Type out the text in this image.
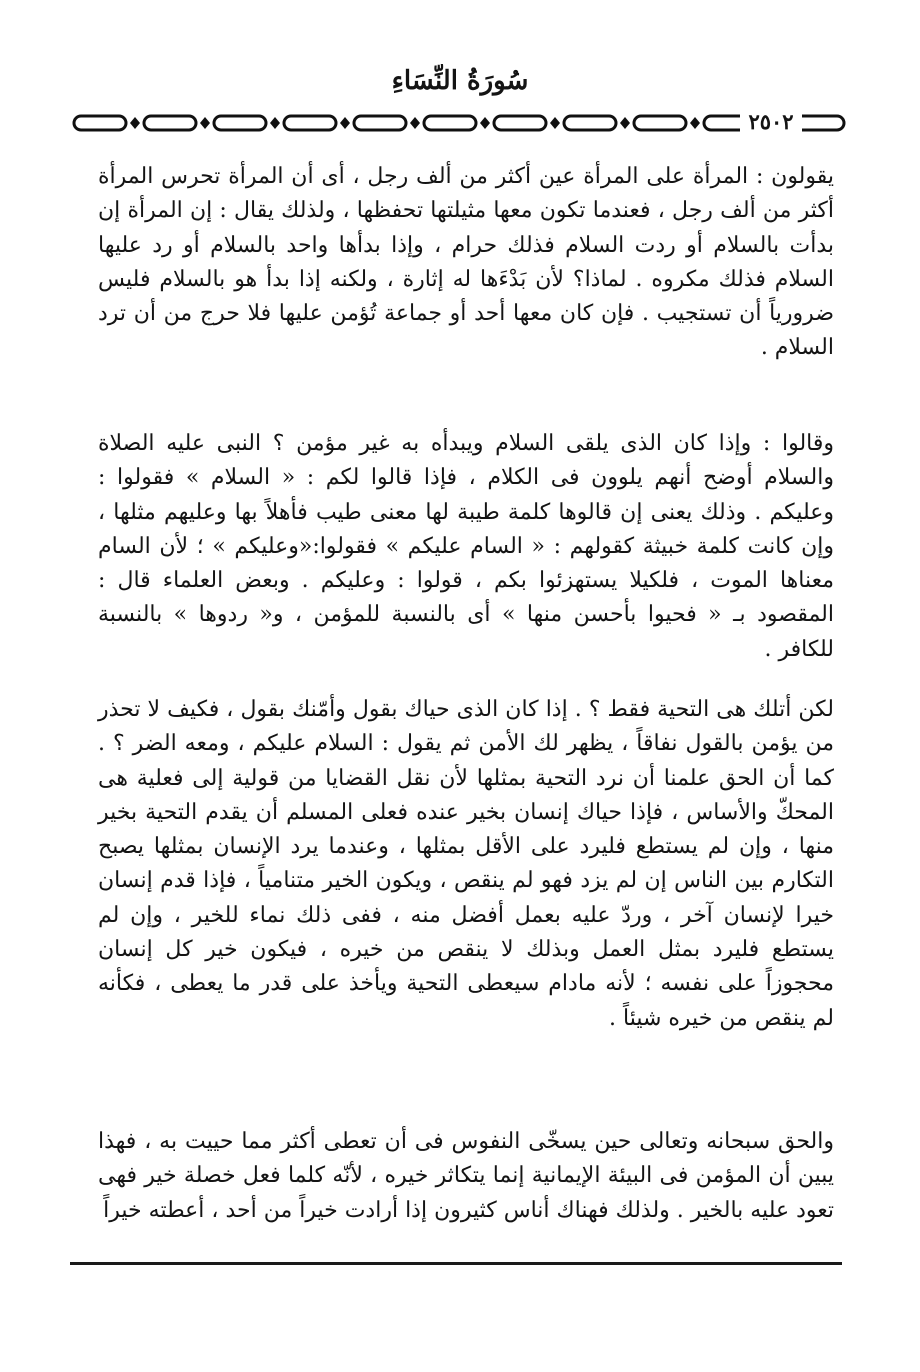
سُورَةُ النِّسَاءِ
٢٥٠٢

يقولون : المرأة على المرأة عين أكثر من ألف رجل ، أى أن المرأة تحرس المرأة أكثر من ألف رجل ، فعندما تكون معها مثيلتها تحفظها ، ولذلك يقال : إن المرأة إن بدأت بالسلام أو ردت السلام فذلك حرام ، وإذا بدأها واحد بالسلام أو رد عليها السلام فذلك مكروه . لماذا؟ لأن بَدْءَها له إثارة ، ولكنه إذا بدأ هو بالسلام فليس ضرورياً أن تستجيب . فإن كان معها أحد أو جماعة تُؤمن عليها فلا حرج من أن ترد السلام .

وقالوا : وإذا كان الذى يلقى السلام ويبدأه به غير مؤمن ؟ النبى عليه الصلاة والسلام أوضح أنهم يلوون فى الكلام ، فإذا قالوا لكم : « السلام » فقولوا : وعليكم . وذلك يعنى إن قالوها كلمة طيبة لها معنى طيب فأهلاً بها وعليهم مثلها ، وإن كانت كلمة خبيثة كقولهم : « السام عليكم » فقولوا:«وعليكم » ؛ لأن السام معناها الموت ، فلكيلا يستهزئوا بكم ، قولوا : وعليكم . وبعض العلماء قال : المقصود بـ « فحيوا بأحسن منها » أى بالنسبة للمؤمن ، و« ردوها » بالنسبة للكافر .

لكن أتلك هى التحية فقط ؟ . إذا كان الذى حياك بقول وأمّنك بقول ، فكيف لا تحذر من يؤمن بالقول نفاقاً ، يظهر لك الأمن ثم يقول : السلام عليكم ، ومعه الضر ؟ . كما أن الحق علمنا أن نرد التحية بمثلها لأن نقل القضايا من قولية إلى فعلية هى المحكّ والأساس ، فإذا حياك إنسان بخير عنده فعلى المسلم أن يقدم التحية بخير منها ، وإن لم يستطع فليرد على الأقل بمثلها ، وعندما يرد الإنسان بمثلها يصبح التكارم بين الناس إن لم يزد فهو لم ينقص ، ويكون الخير متنامياً ، فإذا قدم إنسان خيرا لإنسان آخر ، وردّ عليه بعمل أفضل منه ، ففى ذلك نماء للخير ، وإن لم يستطع فليرد بمثل العمل وبذلك لا ينقص من خيره ، فيكون خير كل إنسان محجوزاً على نفسه ؛ لأنه مادام سيعطى التحية ويأخذ على قدر ما يعطى ، فكأنه لم ينقص من خيره شيئاً .

والحق سبحانه وتعالى حين يسخّى النفوس فى أن تعطى أكثر مما حييت به ، فهذا يبين أن المؤمن فى البيئة الإيمانية إنما يتكاثر خيره ، لأنّه كلما فعل خصلة خير فهى تعود عليه بالخير . ولذلك فهناك أناس كثيرون إذا أرادت خيراً من أحد ، أعطته خيراً
